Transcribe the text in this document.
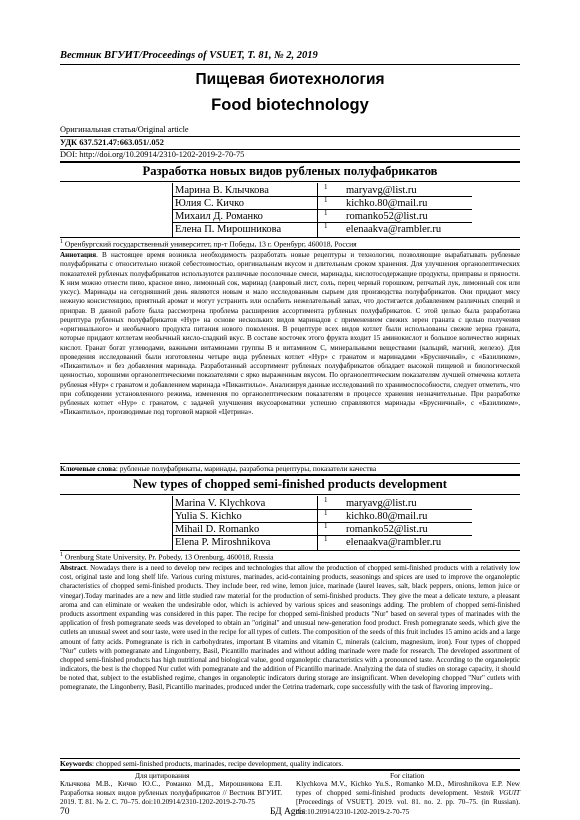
Вестник ВГУИТ/Proceedings of VSUET, Т. 81, № 2, 2019
Пищевая биотехнология
Food biotechnology
Оригинальная статья/Original article
УДК 637.521.47:663.051/.052
DOI: http://doi.org/10.20914/2310-1202-2019-2-70-75
Разработка новых видов рубленых полуфабрикатов
Марина В. Клычкова	1 maryavg@list.ru
Юлия С. Кичко	1 kichko.80@mail.ru
Михаил Д. Романко	1 romanko52@list.ru
Елена П. Мирошникова	1 elenaakva@rambler.ru
$^1$ Оренбургский государственный университет, пр-т Победы, 13 г. Оренбург, 460018, Россия
Аннотация. В настоящее время возникла необходимость разработать новые рецептуры и технологии, позволяющие вырабатывать рубленые полуфабрикаты с относительно низкой себестоимостью, оригинальным вкусом и длительным сроком хранения. Для улучшения органолептических показателей рубленых полуфабрикатов используются различные посолочные смеси, маринады, кислотосодержащие продукты, приправы и пряности. К ним можно отнести пиво, красное вино, лимонный сок, маринад (лавровый лист, соль, перец черный горошком, репчатый лук, лимонный сок или уксус). Маринады на сегодняшний день являются новым и мало исследованным сырьем для производства полуфабрикатов. Они придают мясу нежную консистенцию, приятный аромат и могут устранить или ослабить нежелательный запах, что достигается добавлением различных специй и приправ. В данной работе была рассмотрена проблема расширения ассортимента рубленых полуфабрикатов. С этой целью была разработана рецептура рубленых полуфабрикатов «Нур» на основе нескольких видов маринадов с применением свежих зерен граната с целью получения «оригинального» и необычного продукта питания нового поколения. В рецептуре всех видов котлет были использованы свежие зерна граната, которые придают котлетам необычный кисло-сладкий вкус. В составе косточек этого фрукта входит 15 аминокислот и большое количество жирных кислот. Гранат богат углеводами, важными витаминами группы В и витамином С, минеральными веществами (кальций, магний, железо). Для проведения исследований были изготовлены четыре вида рубленых котлет «Нур» с гранатом и маринадами «Брусничный», с «Базиликом», «Пикантильо» и без добавления маринада. Разработанный ассортимент рубленых полуфабрикатов обладает высокой пищевой и биологической ценностью, хорошими органолептическими показателями с ярко выраженным вкусом. По органолептическим показателям лучшей отмечена котлета рубленая «Нур» с гранатом и добавлением маринада «Пикантильо». Анализируя данные исследований по хранимоспособности, следует отметить, что при соблюдении установленного режима, изменения по органолептическим показателям в процессе хранения незначительные. При разработке рубленых котлет «Нур» с гранатом, с задачей улучшения вкусоароматики успешно справляются маринады «Брусничный», с «Базиликом», «Пикантильо», производимые под торговой маркой «Цетрина».
Ключевые слова: рубленые полуфабрикаты, маринады, разработка рецептуры, показатели качества
New types of chopped semi-finished products development
Marina V. Klychkova	1 maryavg@list.ru
Yulia S. Kichko	1 kichko.80@mail.ru
Mihail D. Romanko	1 romanko52@list.ru
Elena P. Miroshnikova	1 elenaakva@rambler.ru
$^1$ Orenburg State University, Pr. Pobedy, 13 Orenburg, 460018, Russia
Abstract. Nowadays there is a need to develop new recipes and technologies that allow the production of chopped semi-finished products with a relatively low cost, original taste and long shelf life. Various curing mixtures, marinades, acid-containing products, seasonings and spices are used to improve the organoleptic characteristics of chopped semi-finished products. They include beer, red wine, lemon juice, marinade (laurel leaves, salt, black peppers, onions, lemon juice or vinegar).Today marinades are a new and little studied raw material for the production of semi-finished products. They give the meat a delicate texture, a pleasant aroma and can eliminate or weaken the undesirable odor, which is achieved by various spices and seasonings adding. The problem of chopped semi-finished products assortment expanding was considered in this paper. The recipe for chopped semi-finished products "Nur" based on several types of marinades with the application of fresh pomegranate seeds was developed to obtain an "original" and unusual new-generation food product. Fresh pomegranate seeds, which give the cutlets an unusual sweet and sour taste, were used in the recipe for all types of cutlets. The composition of the seeds of this fruit includes 15 amino acids and a large amount of fatty acids. Pomegranate is rich in carbohydrates, important B vitamins and vitamin C, minerals (calcium, magnesium, iron). Four types of chopped "Nur" cutlets with pomegranate and Lingonberry, Basil, Picantillo marinades and without adding marinade were made for research. The developed assortment of chopped semi-finished products has high nutritional and biological value, good organoleptic characteristics with a pronounced taste. According to the organoleptic indicators, the best is the chopped Nur cutlet with pomegranate and the addition of Picantillo marinade. Analyzing the data of studies on storage capacity, it should be noted that, subject to the established regime, changes in organoleptic indicators during storage are insignificant. When developing chopped "Nur" cutlets with pomegranate, the Lingonberry, Basil, Picantillo marinades, produced under the Cetrina trademark, cope successfully with the task of flavoring improving..
Keywords: chopped semi-finished products, marinades, recipe development, quality indicators.
Для цитирования	For citation
Клычкова М.В., Кичко Ю.С., Романко М.Д., Мирошникова Е.П. Разработка новых видов рубленых полуфабрикатов // Вестник ВГУИТ. 2019. Т. 81. № 2. С. 70–75. doi:10.20914/2310-1202-2019-2-70-75
Klychkova M.V., Kichko Yu.S., Romanko M.D., Miroshnikova E.P. New types of chopped semi-finished products development. Vestnik VGUIT [Proceedings of VSUET]. 2019. vol. 81. no. 2. pp. 70–75. (in Russian). doi:10.20914/2310-1202-2019-2-70-75
70	БД Agris
